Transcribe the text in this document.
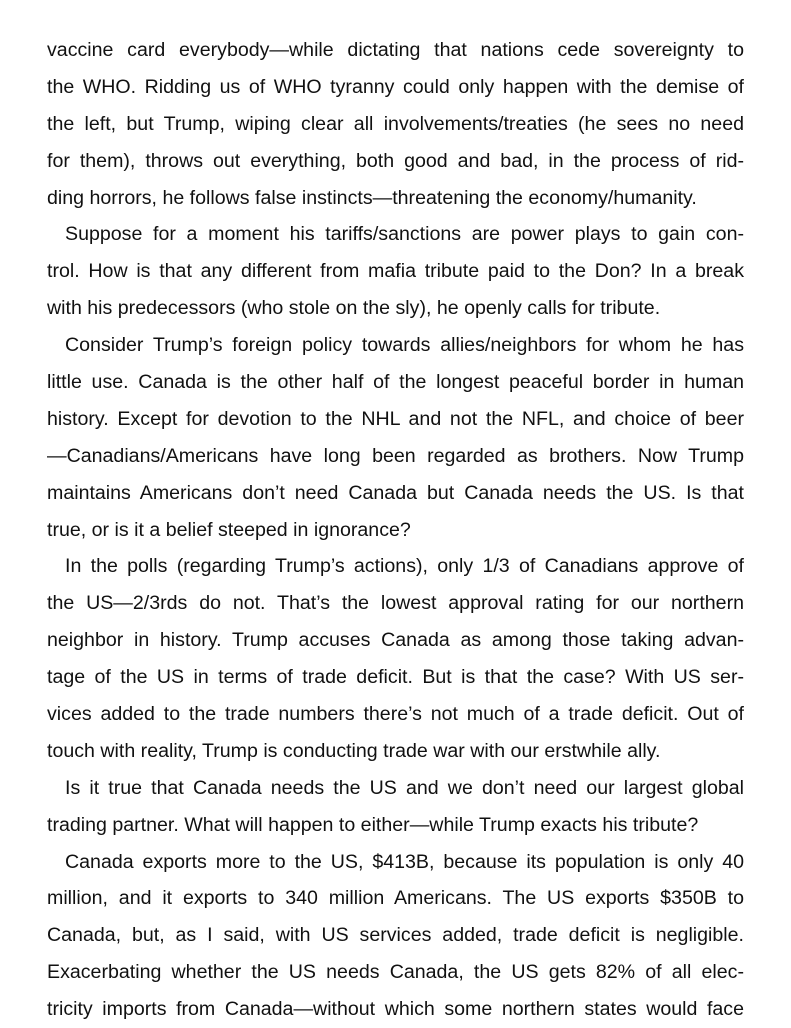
vaccine card everybody—while dictating that nations cede sovereignty to
the WHO. Ridding us of WHO tyranny could only happen with the demise of
the left, but Trump, wiping clear all involvements/treaties (he sees no need
for them), throws out everything, both good and bad, in the process of rid-
ding horrors, he follows false instincts—threatening the economy/humanity.
Suppose for a moment his tariffs/sanctions are power plays to gain con-
trol. How is that any different from mafia tribute paid to the Don? In a break
with his predecessors (who stole on the sly), he openly calls for tribute.
Consider Trump’s foreign policy towards allies/neighbors for whom he has
little use. Canada is the other half of the longest peaceful border in human
history. Except for devotion to the NHL and not the NFL, and choice of beer
—Canadians/Americans have long been regarded as brothers. Now Trump
maintains Americans don’t need Canada but Canada needs the US. Is that
true, or is it a belief steeped in ignorance?
In the polls (regarding Trump’s actions), only 1/3 of Canadians approve of
the US—2/3rds do not. That’s the lowest approval rating for our northern
neighbor in history. Trump accuses Canada as among those taking advan-
tage of the US in terms of trade deficit. But is that the case? With US ser-
vices added to the trade numbers there’s not much of a trade deficit. Out of
touch with reality, Trump is conducting trade war with our erstwhile ally.
Is it true that Canada needs the US and we don’t need our largest global
trading partner. What will happen to either—while Trump exacts his tribute?
Canada exports more to the US, $413B, because its population is only 40
million, and it exports to 340 million Americans. The US exports $350B to
Canada, but, as I said, with US services added, trade deficit is negligible.
Exacerbating whether the US needs Canada, the US gets 82% of all elec-
tricity imports from Canada—without which some northern states would face
